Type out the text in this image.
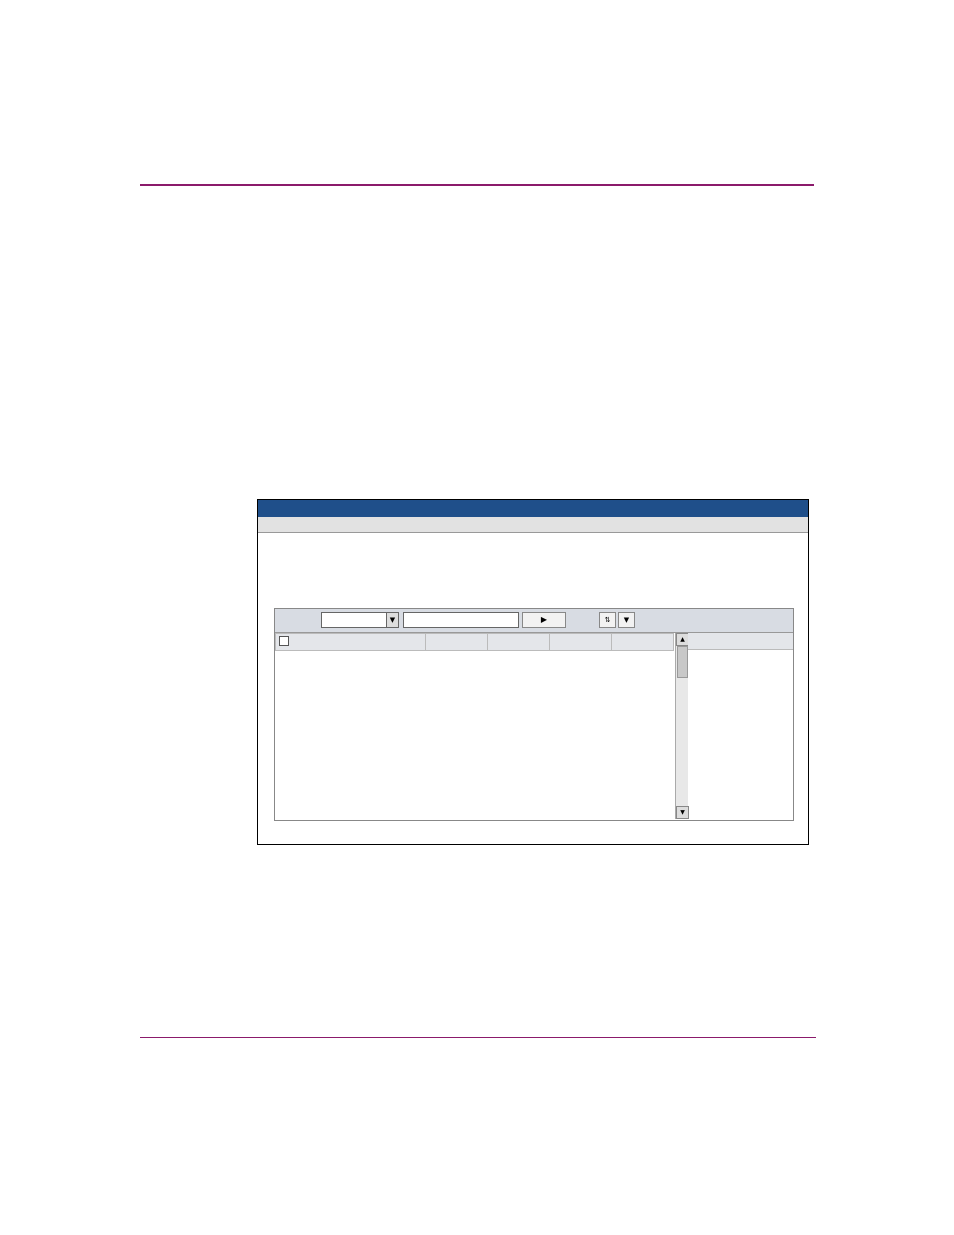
▼	▶	⇅	▼

▲
▼
